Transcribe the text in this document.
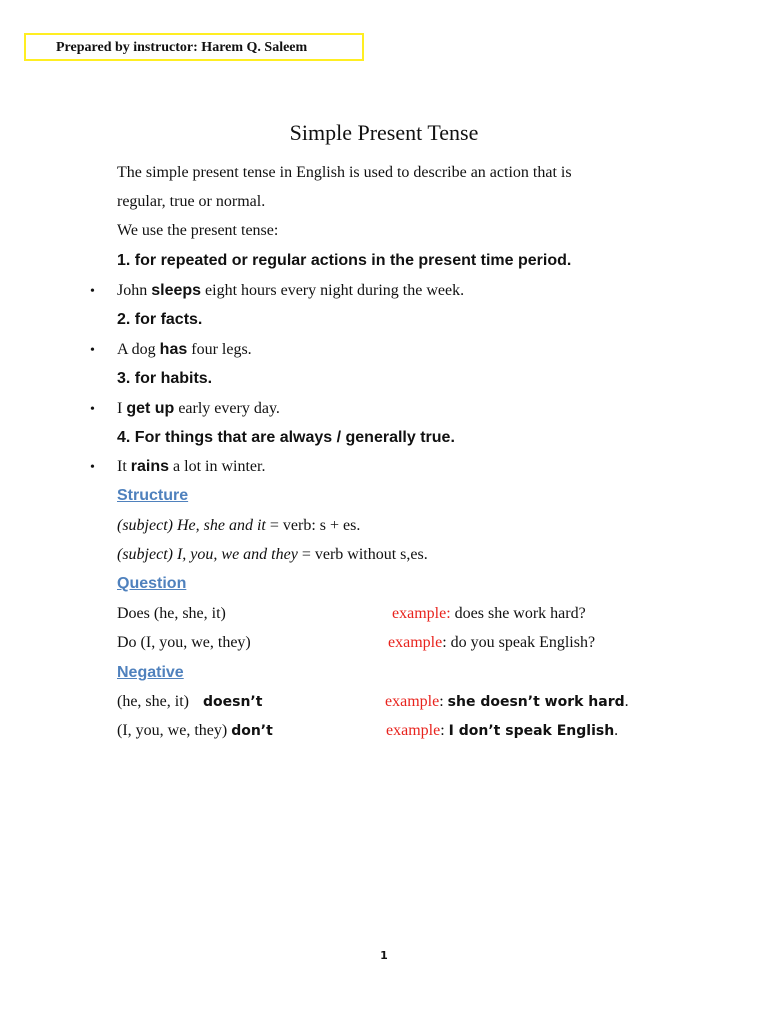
Prepared by instructor: Harem Q. Saleem
Simple Present Tense
The simple present tense in English is used to describe an action that is
regular, true or normal.
We use the present tense:
1. for repeated or regular actions in the present time period.
• John sleeps eight hours every night during the week.
2. for facts.
• A dog has four legs.
3. for habits.
• I get up early every day.
4. For things that are always / generally true.
• It rains a lot in winter.
Structure
(subject) He, she and it = verb: s + es.
(subject) I, you, we and they = verb without s,es.
Question
Does (he, she, it)	example: does she work hard?
Do (I, you, we, they)	example: do you speak English?
Negative
(he, she, it) doesn’t	example: she doesn’t work hard.
(I, you, we, they) don’t	example: I don’t speak English.
1
